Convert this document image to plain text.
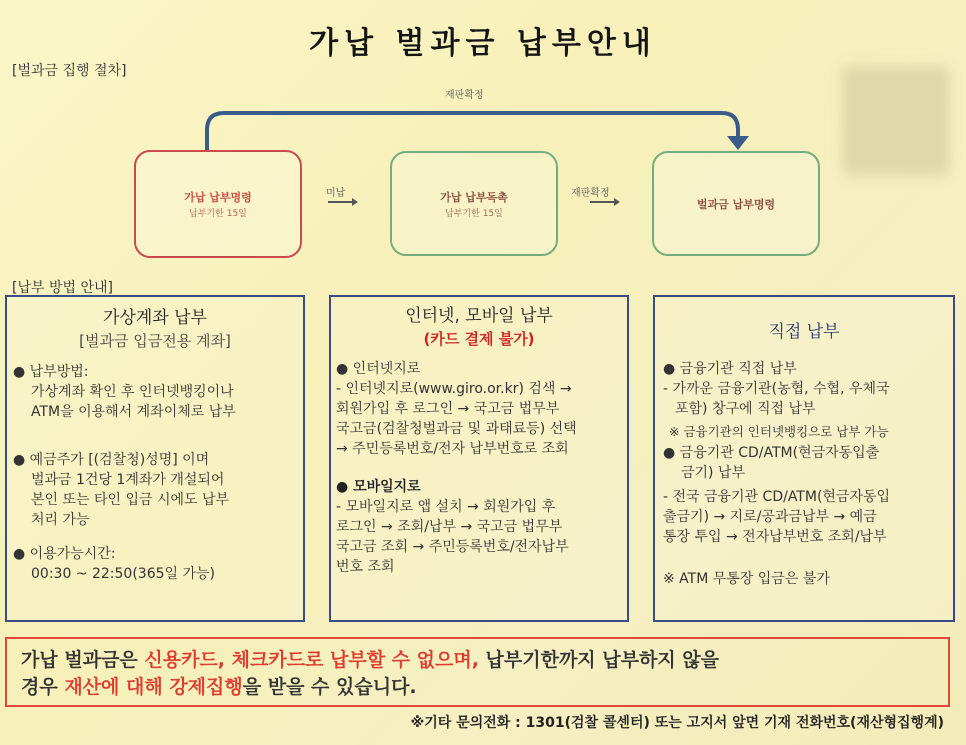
가납 벌과금 납부안내
[벌과금 집행 절차]
재판확정
미납	재판확정
가납 납부명령
납부기한 15일
가납 납부독촉
납부기한 15일
벌과금 납부명령
[납부 방법 안내]
가상계좌 납부
[벌과금 입금전용 계좌]
● 납부방법:
가상계좌 확인 후 인터넷뱅킹이나
ATM을 이용해서 계좌이체로 납부
● 예금주가 [(검찰청)성명] 이며
벌과금 1건당 1계좌가 개설되어
본인 또는 타인 입금 시에도 납부
처리 가능
● 이용가능시간:
00:30 ~ 22:50(365일 가능)
인터넷, 모바일 납부
(카드 결제 불가)
● 인터넷지로
- 인터넷지로(www.giro.or.kr) 검색 →
회원가입 후 로그인 → 국고금 법무부
국고금(검찰청벌과금 및 과태료등) 선택
→ 주민등록번호/전자 납부번호로 조회
● 모바일지로
- 모바일지로 앱 설치 → 회원가입 후
로그인 → 조회/납부 → 국고금 법무부
국고금 조회 → 주민등록번호/전자납부
번호 조회
직접 납부
● 금융기관 직접 납부
- 가까운 금융기관(농협, 수협, 우체국
포함) 창구에 직접 납부
※ 금융기관의 인터넷뱅킹으로 납부 가능
● 금융기관 CD/ATM(현금자동입출
금기) 납부
- 전국 금융기관 CD/ATM(현금자동입
출금기) → 지로/공과금납부 → 예금
통장 투입 → 전자납부번호 조회/납부
※ ATM 무통장 입금은 불가
가납 벌과금은 신용카드, 체크카드로 납부할 수 없으며, 납부기한까지 납부하지 않을
경우 재산에 대해 강제집행을 받을 수 있습니다.
※기타 문의전화 : 1301(검찰 콜센터) 또는 고지서 앞면 기재 전화번호(재산형집행계)
